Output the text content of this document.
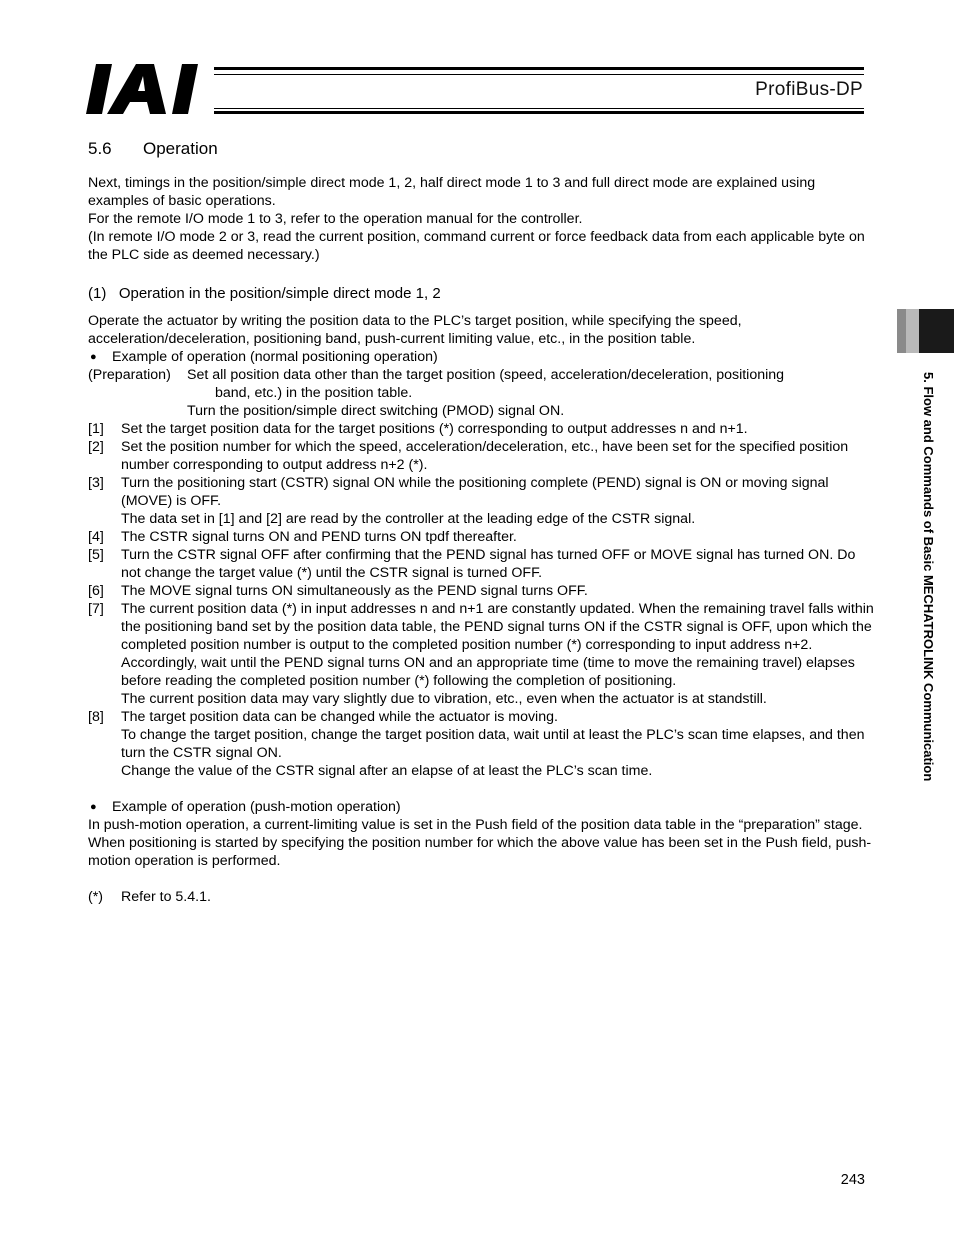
ProfiBus-DP
5. Flow and Commands of Basic MECHATROLINK Communication
5.6 Operation

Next, timings in the position/simple direct mode 1, 2, half direct mode 1 to 3 and full direct mode are explained using examples of basic operations.

For the remote I/O mode 1 to 3, refer to the operation manual for the controller.

(In remote I/O mode 2 or 3, read the current position, command current or force feedback data from each applicable byte on the PLC side as deemed necessary.)

(1)   Operation in the position/simple direct mode 1, 2

Operate the actuator by writing the position data to the PLC’s target position, while specifying the speed, acceleration/deceleration, positioning band, push-current limiting value, etc., in the position table.

● Example of operation (normal positioning operation)
(Preparation)	Set all position data other than the target position (speed, acceleration/deceleration, positioning
band, etc.) in the position table.
Turn the position/simple direct switching (PMOD) signal ON.
[1]	Set the target position data for the target positions (*) corresponding to output addresses n and n+1.
[2]	Set the position number for which the speed, acceleration/deceleration, etc., have been set for the specified position number corresponding to output address n+2 (*).
[3]	Turn the positioning start (CSTR) signal ON while the positioning complete (PEND) signal is ON or moving signal (MOVE) is OFF.
The data set in [1] and [2] are read by the controller at the leading edge of the CSTR signal.
[4]	The CSTR signal turns ON and PEND turns ON tpdf thereafter.
[5]	Turn the CSTR signal OFF after confirming that the PEND signal has turned OFF or MOVE signal has turned ON. Do not change the target value (*) until the CSTR signal is turned OFF.
[6]	The MOVE signal turns ON simultaneously as the PEND signal turns OFF.
[7]	The current position data (*) in input addresses n and n+1 are constantly updated. When the remaining travel falls within the positioning band set by the position data table, the PEND signal turns ON if the CSTR signal is OFF, upon which the completed position number is output to the completed position number (*) corresponding to input address n+2.
Accordingly, wait until the PEND signal turns ON and an appropriate time (time to move the remaining travel) elapses before reading the completed position number (*) following the completion of positioning.
The current position data may vary slightly due to vibration, etc., even when the actuator is at standstill.
[8]	The target position data can be changed while the actuator is moving.
To change the target position, change the target position data, wait until at least the PLC’s scan time elapses, and then turn the CSTR signal ON.
Change the value of the CSTR signal after an elapse of at least the PLC’s scan time.
● Example of operation (push-motion operation)

In push-motion operation, a current-limiting value is set in the Push field of the position data table in the “preparation” stage.

When positioning is started by specifying the position number for which the above value has been set in the Push field, push-motion operation is performed.

(*)	Refer to 5.4.1.
243
